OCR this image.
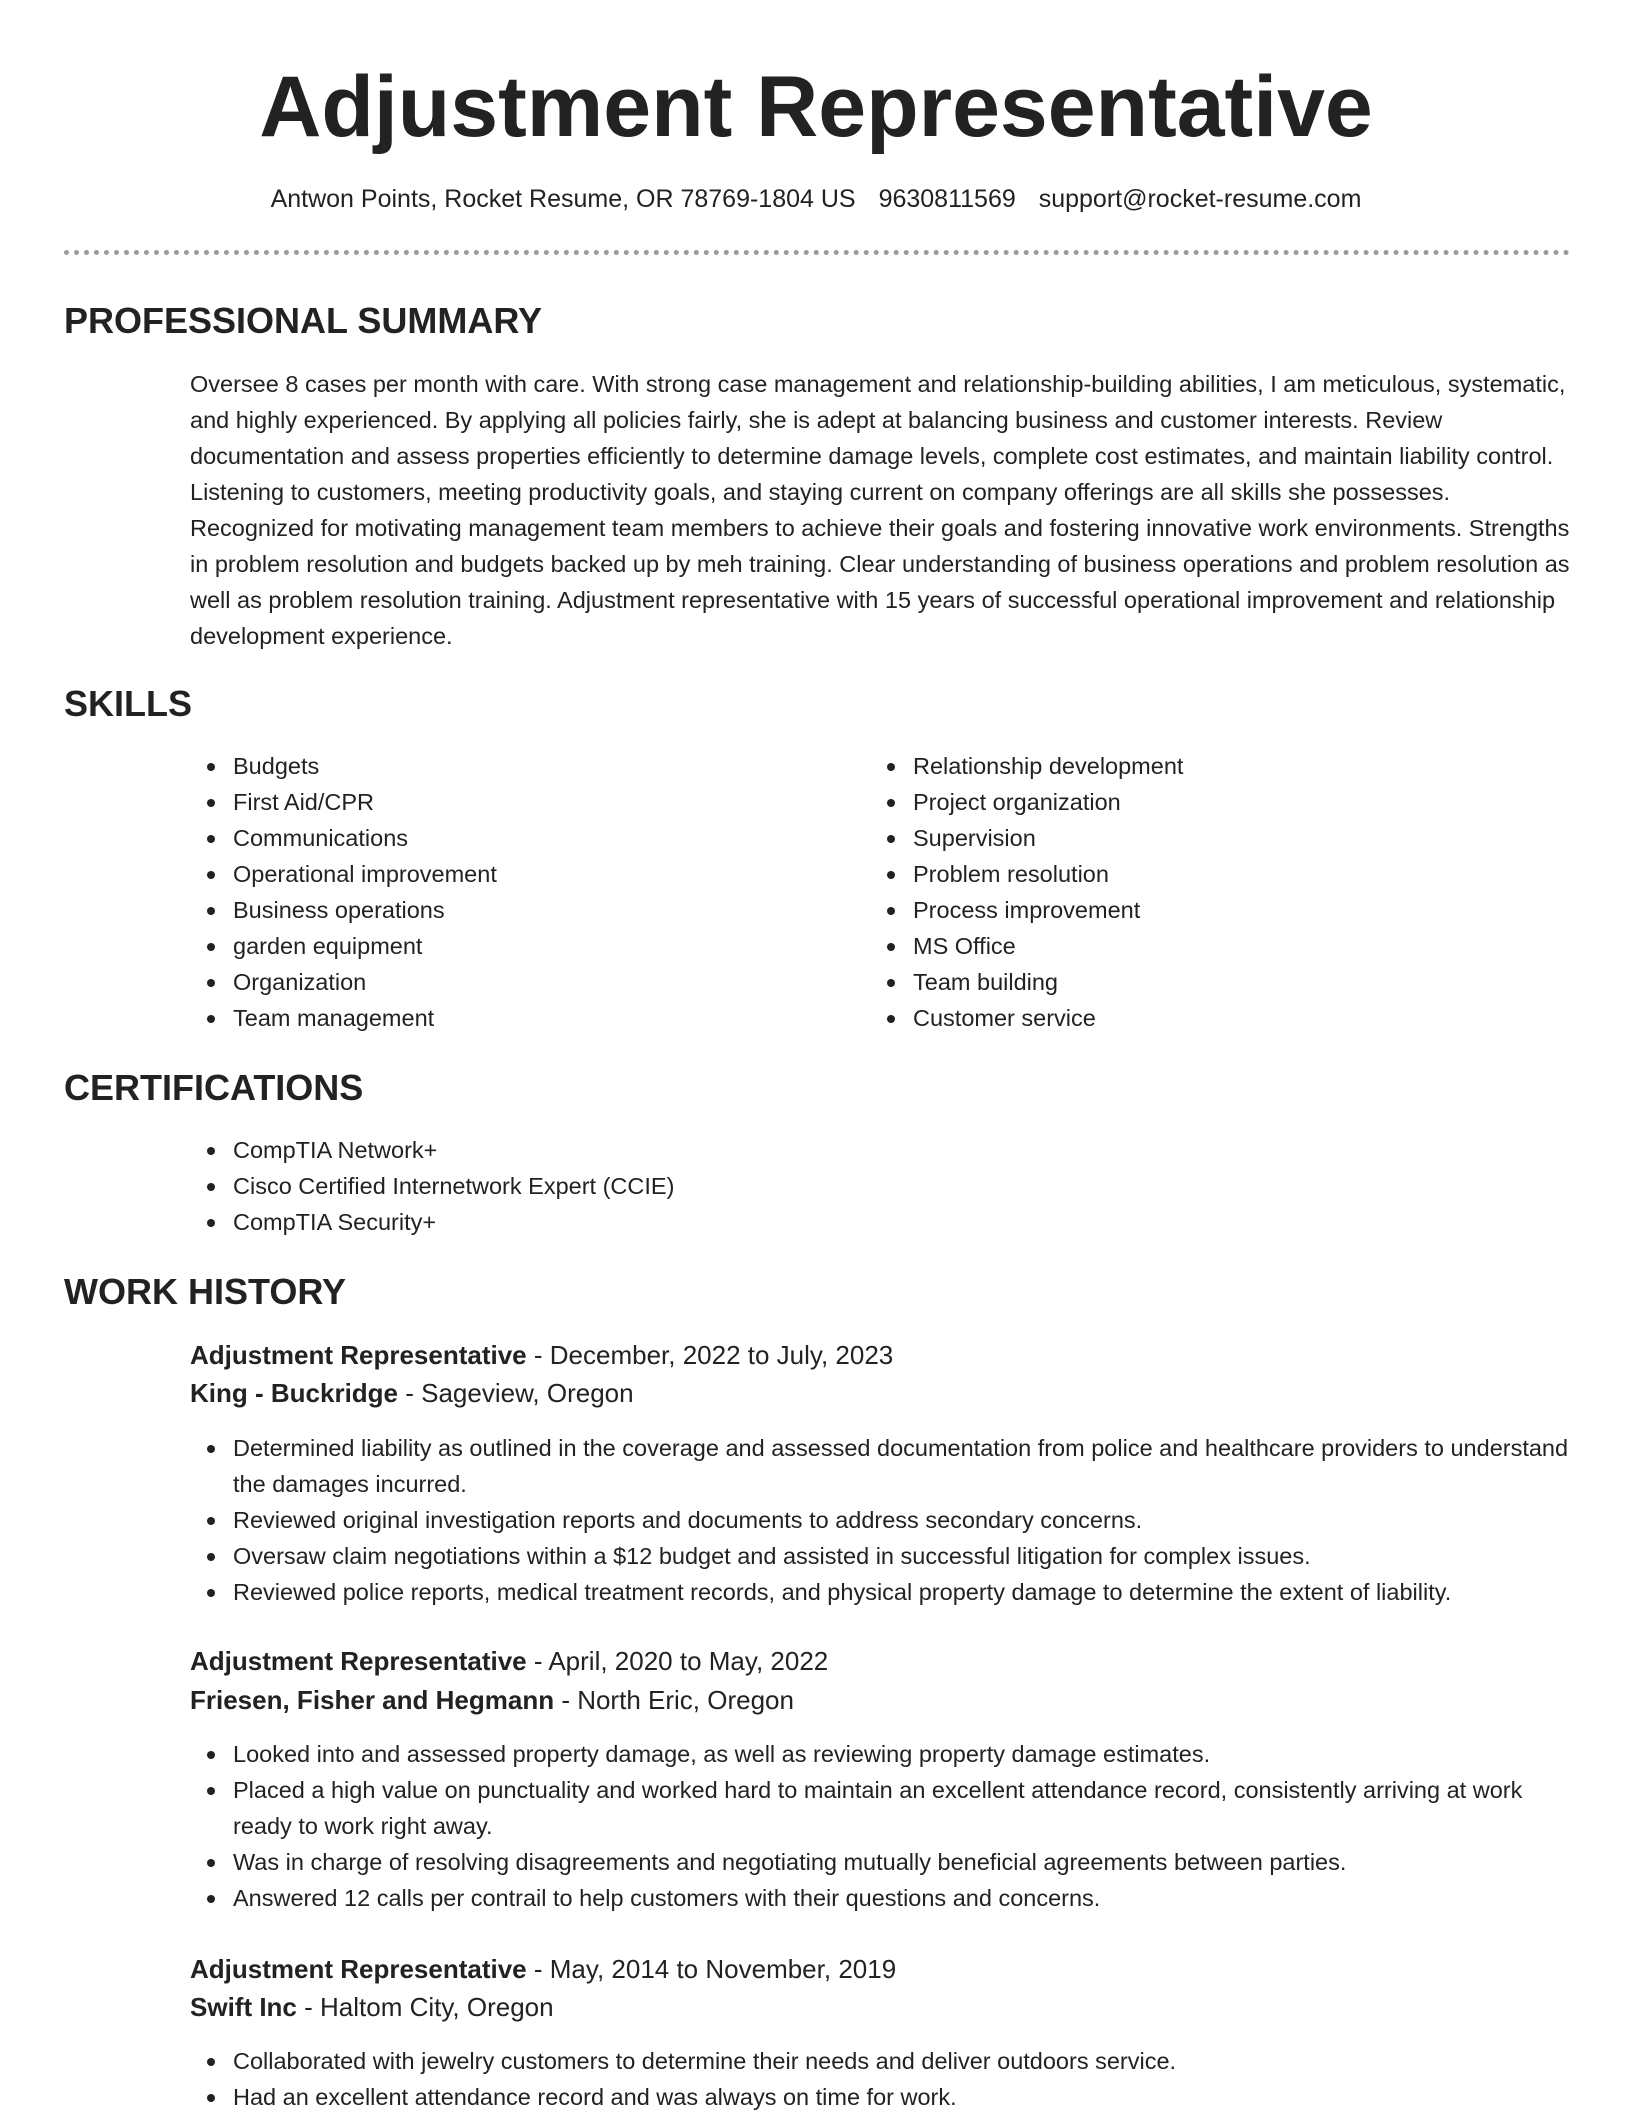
Adjustment Representative
Antwon Points, Rocket Resume, OR 78769-1804 US 9630811569 support@rocket-resume.com
PROFESSIONAL SUMMARY

Oversee 8 cases per month with care. With strong case management and relationship-building abilities, I am meticulous, systematic, and highly experienced. By applying all policies fairly, she is adept at balancing business and customer interests. Review documentation and assess properties efficiently to determine damage levels, complete cost estimates, and maintain liability control. Listening to customers, meeting productivity goals, and staying current on company offerings are all skills she possesses. Recognized for motivating management team members to achieve their goals and fostering innovative work environments. Strengths in problem resolution and budgets backed up by meh training. Clear understanding of business operations and problem resolution as well as problem resolution training. Adjustment representative with 15 years of successful operational improvement and relationship development experience.

SKILLS
Budgets
First Aid/CPR
Communications
Operational improvement
Business operations
garden equipment
Organization
Team management
Relationship development
Project organization
Supervision
Problem resolution
Process improvement
MS Office
Team building
Customer service
CERTIFICATIONS
CompTIA Network+
Cisco Certified Internetwork Expert (CCIE)
CompTIA Security+
WORK HISTORY
Adjustment Representative - December, 2022 to July, 2023
King - Buckridge - Sageview, Oregon
Determined liability as outlined in the coverage and assessed documentation from police and healthcare providers to understand the damages incurred.
Reviewed original investigation reports and documents to address secondary concerns.
Oversaw claim negotiations within a $12 budget and assisted in successful litigation for complex issues.
Reviewed police reports, medical treatment records, and physical property damage to determine the extent of liability.
Adjustment Representative - April, 2020 to May, 2022
Friesen, Fisher and Hegmann - North Eric, Oregon
Looked into and assessed property damage, as well as reviewing property damage estimates.
Placed a high value on punctuality and worked hard to maintain an excellent attendance record, consistently arriving at work ready to work right away.
Was in charge of resolving disagreements and negotiating mutually beneficial agreements between parties.
Answered 12 calls per contrail to help customers with their questions and concerns.
Adjustment Representative - May, 2014 to November, 2019
Swift Inc - Haltom City, Oregon
Collaborated with jewelry customers to determine their needs and deliver outdoors service.
Had an excellent attendance record and was always on time for work.
